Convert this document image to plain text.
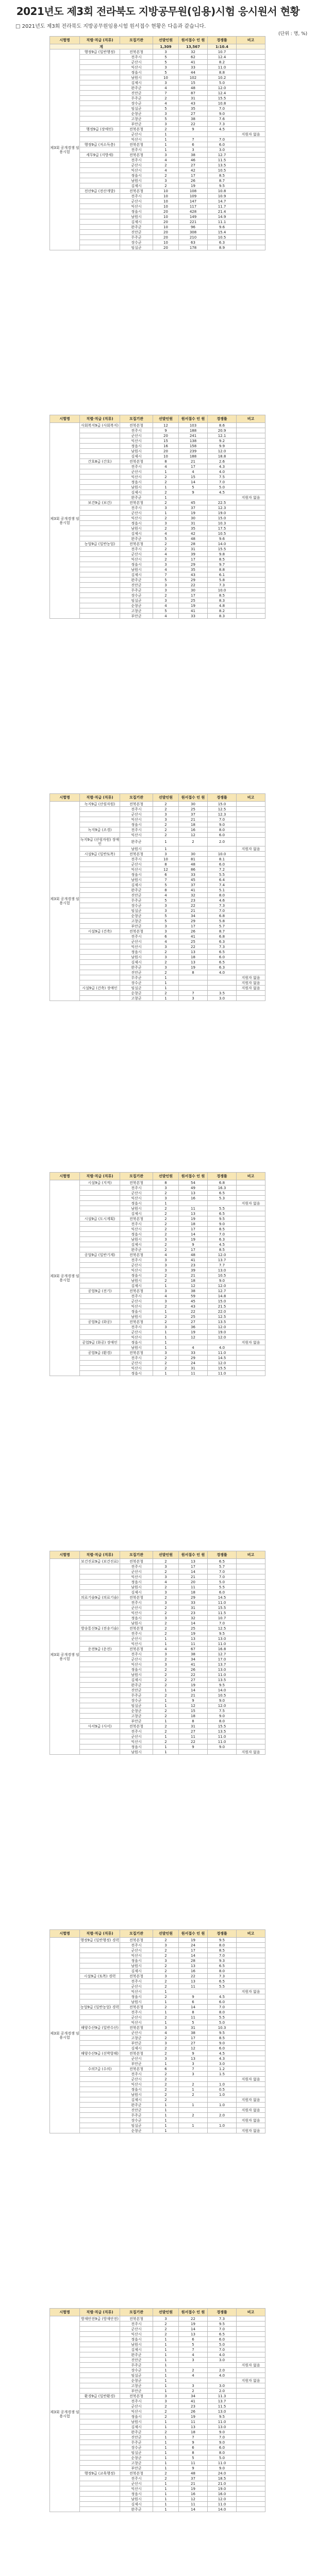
2021년도 제3회 전라북도 지방공무원(임용)시험 응시원서 현황
□ 2021년도 제3회 전라북도 지방공무원임용시험 원서접수 현황은 다음과 같습니다.
(단위 : 명, %)
시험명	직렬·직급 (직류)	모집기관	선발인원	원서접수 인 원	경쟁률	비고
계			1,309	13,567	1:10.4	
제3회 공개경쟁 임용시험	행정9급 (일반행정)	전북본청	3	32	10.7	
		전주시	5	62	12.4	
		군산시	5	41	8.2	
		익산시	3	33	11.0	
		정읍시	5	44	8.8	
		남원시	10	102	10.2	
		김제시	3	15	5.0	
		완주군	4	48	12.0	
		진안군	7	87	12.4	
		무주군	2	31	15.5	
		장수군	4	43	10.8	
		임실군	5	35	7.0	
		순창군	3	27	9.0	
		고창군	5	38	7.6	
		부안군	3	22	7.3	
	행정9급 (장애인)	전북본청	2	9	4.5	
		군산시	1			지원자 없음
		익산시	1	7	7.0	
	행정9급 (저소득층)	전북본청	1	6	6.0	
		전주시	1	3	3.0	
	세무9급 (지방세)	전북본청	3	38	12.7	
		전주시	4	46	11.5	
		군산시	2	27	13.5	
		익산시	4	42	10.5	
		정읍시	2	17	8.5	
		남원시	3	26	8.7	
		김제시	2	19	9.5	
	전산9급 (전산개발)	전북본청	10	108	10.8	
		전주시	10	109	10.9	
		군산시	10	147	14.7	
		익산시	10	117	11.7	
		정읍시	20	428	21.4	
		남원시	10	149	14.9	
		김제시	20	221	11.1	
		완주군	10	96	9.6	
		진안군	20	308	15.4	
		무주군	20	210	10.5	
		장수군	10	63	6.3	
		임실군	20	178	8.9	
시험명	직렬·직급 (직류)	모집기관	선발인원	원서접수 인 원	경쟁률	비고
제3회 공개경쟁 임용시험	사회복지9급 (사회복지)	전북본청	12	103	8.6	
		전주시	9	188	20.9	
		군산시	20	241	12.1	
		익산시	15	138	9.2	
		정읍시	16	158	9.9	
		남원시	20	239	12.0	
		김제시	10	188	18.8	
	간호8급 (간호)	전북본청	8	21	2.6	
		전주시	4	17	4.3	
		군산시	1	4	4.0	
		익산시	2	15	7.5	
		정읍시	2	14	7.0	
		남원시	1	5	5.0	
		김제시	2	9	4.5	
		완주군	1			지원자 없음
	보건9급 (보건)	전북본청	2	45	22.5	
		전주시	3	37	12.3	
		군산시	1	19	19.0	
		익산시	2	30	15.0	
		정읍시	3	31	10.3	
		남원시	2	35	17.5	
		김제시	4	42	10.5	
		완주군	5	48	9.6	
	농업9급 (일반농업)	전북본청	2	28	14.0	
		전주시	2	31	15.5	
		군산시	4	39	9.8	
		익산시	2	17	8.5	
		정읍시	3	29	9.7	
		남원시	4	35	8.8	
		김제시	7	43	6.1	
		완주군	5	29	5.8	
		진안군	3	22	7.3	
		무주군	3	30	10.0	
		장수군	2	17	8.5	
		임실군	3	25	8.3	
		순창군	4	19	4.8	
		고창군	5	41	8.2	
		부안군	4	33	8.3	
시험명	직렬·직급 (직류)	모집기관	선발인원	원서접수 인 원	경쟁률	비고
제3회 공개경쟁 임용시험	녹지9급 (산림자원)	전북본청	2	30	15.0	
		전주시	2	25	12.5	
		군산시	3	37	12.3	
		익산시	3	21	7.0	
		정읍시	2	18	9.0	
	녹지9급 (조경)	전주시	2	16	8.0	
		익산시	2	12	6.0	
	녹지9급 (산림자원) 장애인	완주군	1	2	2.0	
		남원시	1			지원자 없음
	시설9급 (일반토목)	전북본청	3	30	10.0	
		전주시	10	81	8.1	
		군산시	8	48	6.0	
		익산시	12	86	7.2	
		정읍시	6	33	5.5	
		남원시	7	45	6.4	
		김제시	5	37	7.4	
		완주군	8	41	5.1	
		진안군	4	32	8.0	
		무주군	5	23	4.6	
		장수군	3	22	7.3	
		임실군	3	21	7.0	
		순창군	5	34	6.8	
		고창군	5	29	5.8	
		부안군	3	17	5.7	
	시설9급 (건축)	전북본청	3	26	8.7	
		전주시	6	41	6.8	
		군산시	4	25	6.3	
		익산시	3	22	7.3	
		정읍시	2	13	6.5	
		남원시	3	18	6.0	
		김제시	2	13	6.5	
		완주군	3	19	6.3	
		진안군	2	8	4.0	
		무주군	1			지원자 없음
		장수군	1			지원자 없음
	시설9급 (건축) 장애인	임실군	1			지원자 없음
		순창군	2	7	3.5	
		고창군	1	3	3.0	
시험명	직렬·직급 (직류)	모집기관	선발인원	원서접수 인 원	경쟁률	비고
제3회 공개경쟁 임용시험	시설9급 (지적)	전북본청	8	54	6.8	
		전주시	3	49	16.3	
		군산시	2	13	6.5	
		익산시	3	16	5.3	
		정읍시	1			지원자 없음
		남원시	2	11	5.5	
		김제시	2	13	6.5	
	시설9급 (도시계획)	전북본청	2	19	9.5	
		전주시	2	18	9.0	
		익산시	2	17	8.5	
		정읍시	2	14	7.0	
		남원시	3	19	6.3	
		김제시	2	9	4.5	
		완주군	2	17	8.5	
	공업9급 (일반기계)	전북본청	4	48	12.0	
		전주시	3	41	13.7	
		군산시	3	23	7.7	
		익산시	3	39	13.0	
		정읍시	2	21	10.5	
		남원시	2	18	9.0	
		김제시	1	12	12.0	
	공업9급 (전기)	전북본청	3	38	12.7	
		전주시	4	59	14.8	
		군산시	3	45	15.0	
		익산시	2	43	21.5	
		정읍시	1	22	22.0	
		남원시	2	25	12.5	
	공업9급 (화공)	전북본청	2	27	13.5	
		전주시	3	36	12.0	
		군산시	1	19	19.0	
		익산시	1	12	12.0	
	공업9급 (화공) 장애인	정읍시	1			지원자 없음
		남원시	1	4	4.0	
	공업9급 (환경)	전북본청	3	33	11.0	
		전주시	2	29	14.5	
		군산시	2	24	12.0	
		익산시	2	31	15.5	
		정읍시	1	11	11.0	
시험명	직렬·직급 (직류)	모집기관	선발인원	원서접수 인 원	경쟁률	비고
제3회 공개경쟁 임용시험	보건진료9급 (보건진료)	전북본청	2	13	6.5	
		전주시	3	17	5.7	
		군산시	2	14	7.0	
		익산시	3	21	7.0	
		정읍시	4	20	5.0	
		남원시	2	11	5.5	
		김제시	3	18	6.0	
	의료기술9급 (의료기술)	전북본청	2	29	14.5	
		전주시	3	33	11.0	
		군산시	2	31	15.5	
		익산시	2	23	11.5	
		정읍시	3	32	10.7	
		남원시	2	14	7.0	
	방송통신9급 (전송기술)	전북본청	2	25	12.5	
		전주시	2	19	9.5	
		군산시	1	13	13.0	
		익산시	1	11	11.0	
	운전9급 (운전)	전북본청	4	67	16.8	
		전주시	3	38	12.7	
		군산시	2	34	17.0	
		익산시	3	41	13.7	
		정읍시	2	26	13.0	
		남원시	2	22	11.0	
		김제시	2	27	13.5	
		완주군	2	19	9.5	
		진안군	1	14	14.0	
		무주군	2	21	10.5	
		장수군	1	9	9.0	
		임실군	1	12	12.0	
		순창군	2	15	7.5	
		고창군	2	18	9.0	
		부안군	1	8	8.0	
	사서9급 (사서)	전북본청	2	31	15.5	
		전주시	2	27	13.5	
		군산시	1	11	11.0	
		익산시	2	22	11.0	
		정읍시	1	9	9.0	
		남원시	1			지원자 없음
시험명	직렬·직급 (직류)	모집기관	선발인원	원서접수 인 원	경쟁률	비고
제3회 공개경쟁 임용시험	행정9급 (일반행정) 경력	전북본청	2	19	9.5	
		전주시	3	24	8.0	
		군산시	2	17	8.5	
		익산시	2	14	7.0	
		정읍시	3	28	9.3	
		남원시	2	13	6.5	
		김제시	2	16	8.0	
	시설9급 (토목) 경력	전북본청	3	22	7.3	
		전주시	2	13	6.5	
		군산시	2	11	5.5	
		익산시	1			지원자 없음
		정읍시	2	9	4.5	
		남원시	1	6	6.0	
	농업9급 (일반농업) 경력	전북본청	2	14	7.0	
		전주시	1	8	8.0	
		군산시	2	11	5.5	
		익산시	1	5	5.0	
	해양수산9급 (일반수산)	전북본청	3	31	10.3	
		군산시	4	38	9.5	
		고창군	2	17	8.5	
		부안군	3	27	9.0	
		김제시	2	12	6.0	
	해양수산9급 (선박항해)	전북본청	2	9	4.5	
		군산시	3	13	4.3	
		부안군	1	3	3.0	
	수의7급 (수의)	전북본청	6	7	1.2	
		전주시	2	3	1.5	
		군산시	2			지원자 없음
		익산시	2	2	1.0	
		정읍시	2	1	0.5	
		남원시	2	2	1.0	
		김제시	2			지원자 없음
		완주군	1	1	1.0	
		진안군	1			지원자 없음
		무주군	1	2	2.0	
		장수군	1			지원자 없음
		임실군	1	1	1.0	
		순창군	1			지원자 없음
시험명	직렬·직급 (직류)	모집기관	선발인원	원서접수 인 원	경쟁률	비고
제3회 공개경쟁 임용시험	방재안전9급 (방재안전)	전북본청	3	22	7.3	
		전주시	2	19	9.5	
		군산시	2	14	7.0	
		익산시	2	13	6.5	
		정읍시	1	6	6.0	
		남원시	1	5	5.0	
		김제시	1	7	7.0	
		완주군	1	4	4.0	
		진안군	1	3	3.0	
		무주군	1			지원자 없음
		장수군	1	2	2.0	
		임실군	1	4	4.0	
		순창군	1			지원자 없음
		고창군	1	3	3.0	
		부안군	1	2	2.0	
	환경9급 (일반환경)	전북본청	3	34	11.3	
		전주시	3	41	13.7	
		군산시	2	23	11.5	
		익산시	2	26	13.0	
		정읍시	2	19	9.5	
		남원시	1	11	11.0	
		김제시	1	13	13.0	
		완주군	2	18	9.0	
		진안군	1	7	7.0	
		무주군	1	9	9.0	
		장수군	1	6	6.0	
		임실군	1	8	8.0	
		순창군	1	5	5.0	
		고창군	1	11	11.0	
		부안군	1	9	9.0	
	행정9급 (교육행정)	전북본청	2	48	24.0	
		전주시	2	37	18.5	
		군산시	1	21	21.0	
		익산시	1	19	19.0	
		정읍시	1	16	16.0	
		남원시	1	12	12.0	
		김제시	1	11	11.0	
		완주군	1	14	14.0	
